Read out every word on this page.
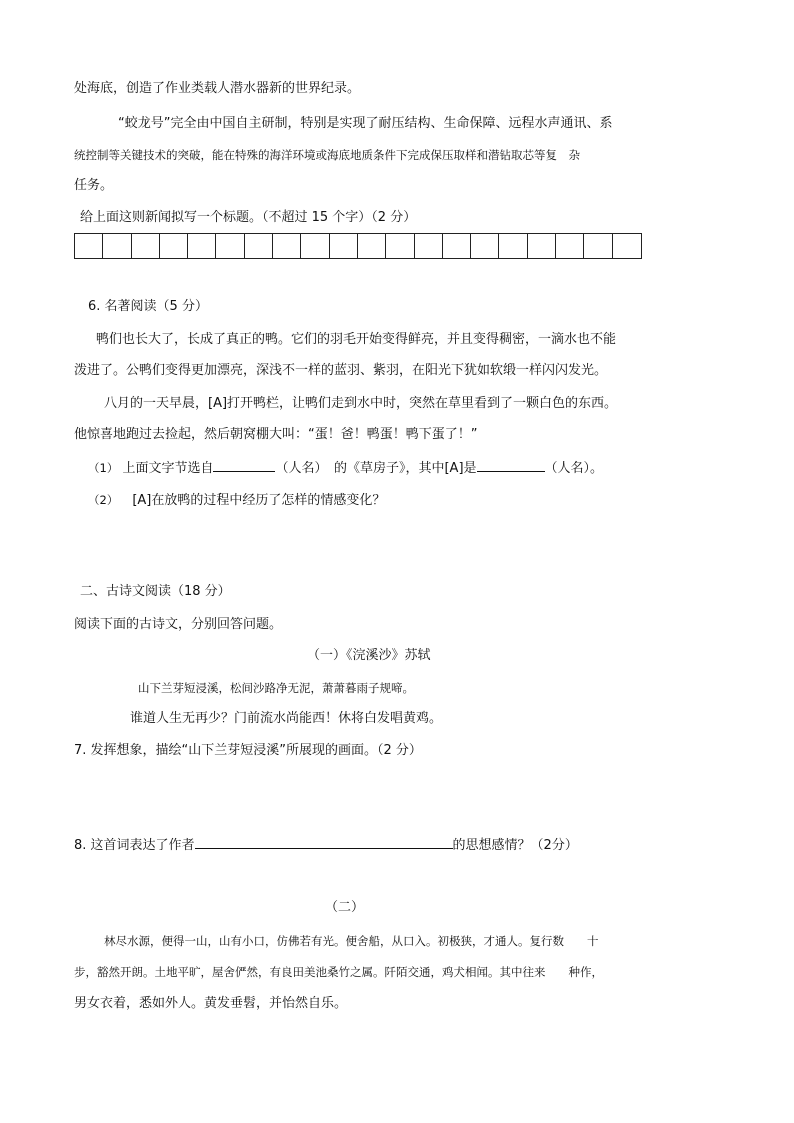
处海底，创造了作业类载人潜水器新的世界纪录。
“蛟龙号”完全由中国自主研制，特别是实现了耐压结构、生命保障、远程水声通讯、系
统控制等关键技术的突破，能在特殊的海洋环境或海底地质条件下完成保压取样和潜钻取芯等复　杂
任务。
给上面这则新闻拟写一个标题。（不超过 15 个字）（2 分）
6. 名著阅读（5 分）
鸭们也长大了，长成了真正的鸭。它们的羽毛开始变得鲜亮，并且变得稠密，一滴水也不能
泼进了。公鸭们变得更加漂亮，深浅不一样的蓝羽、紫羽，在阳光下犹如软缎一样闪闪发光。
八月的一天早晨，[A]打开鸭栏，让鸭们走到水中时，突然在草里看到了一颗白色的东西。
他惊喜地跑过去捡起，然后朝窝棚大叫：“蛋！爸！鸭蛋！鸭下蛋了！”
（1） 上面文字节选自	（人名）　的《草房子》，其中[A]是	（人名）。
（2） [A]在放鸭的过程中经历了怎样的情感变化？
二、古诗文阅读（18 分）
阅读下面的古诗文，分别回答问题。
（一）《浣溪沙》苏轼
山下兰芽短浸溪，松间沙路净无泥，萧萧暮雨子规啼。
谁道人生无再少？门前流水尚能西！休将白发唱黄鸡。
7. 发挥想象，描绘“山下兰芽短浸溪”所展现的画面。（2 分）
8. 这首词表达了作者	的思想感情？（2分）
（二）
林尽水源，便得一山，山有小口，仿佛若有光。便舍船，从口入。初极狭，才通人。复行数　　十
步，豁然开朗。土地平旷，屋舍俨然，有良田美池桑竹之属。阡陌交通，鸡犬相闻。其中往来　　种作，
男女衣着，悉如外人。黄发垂髫，并怡然自乐。
